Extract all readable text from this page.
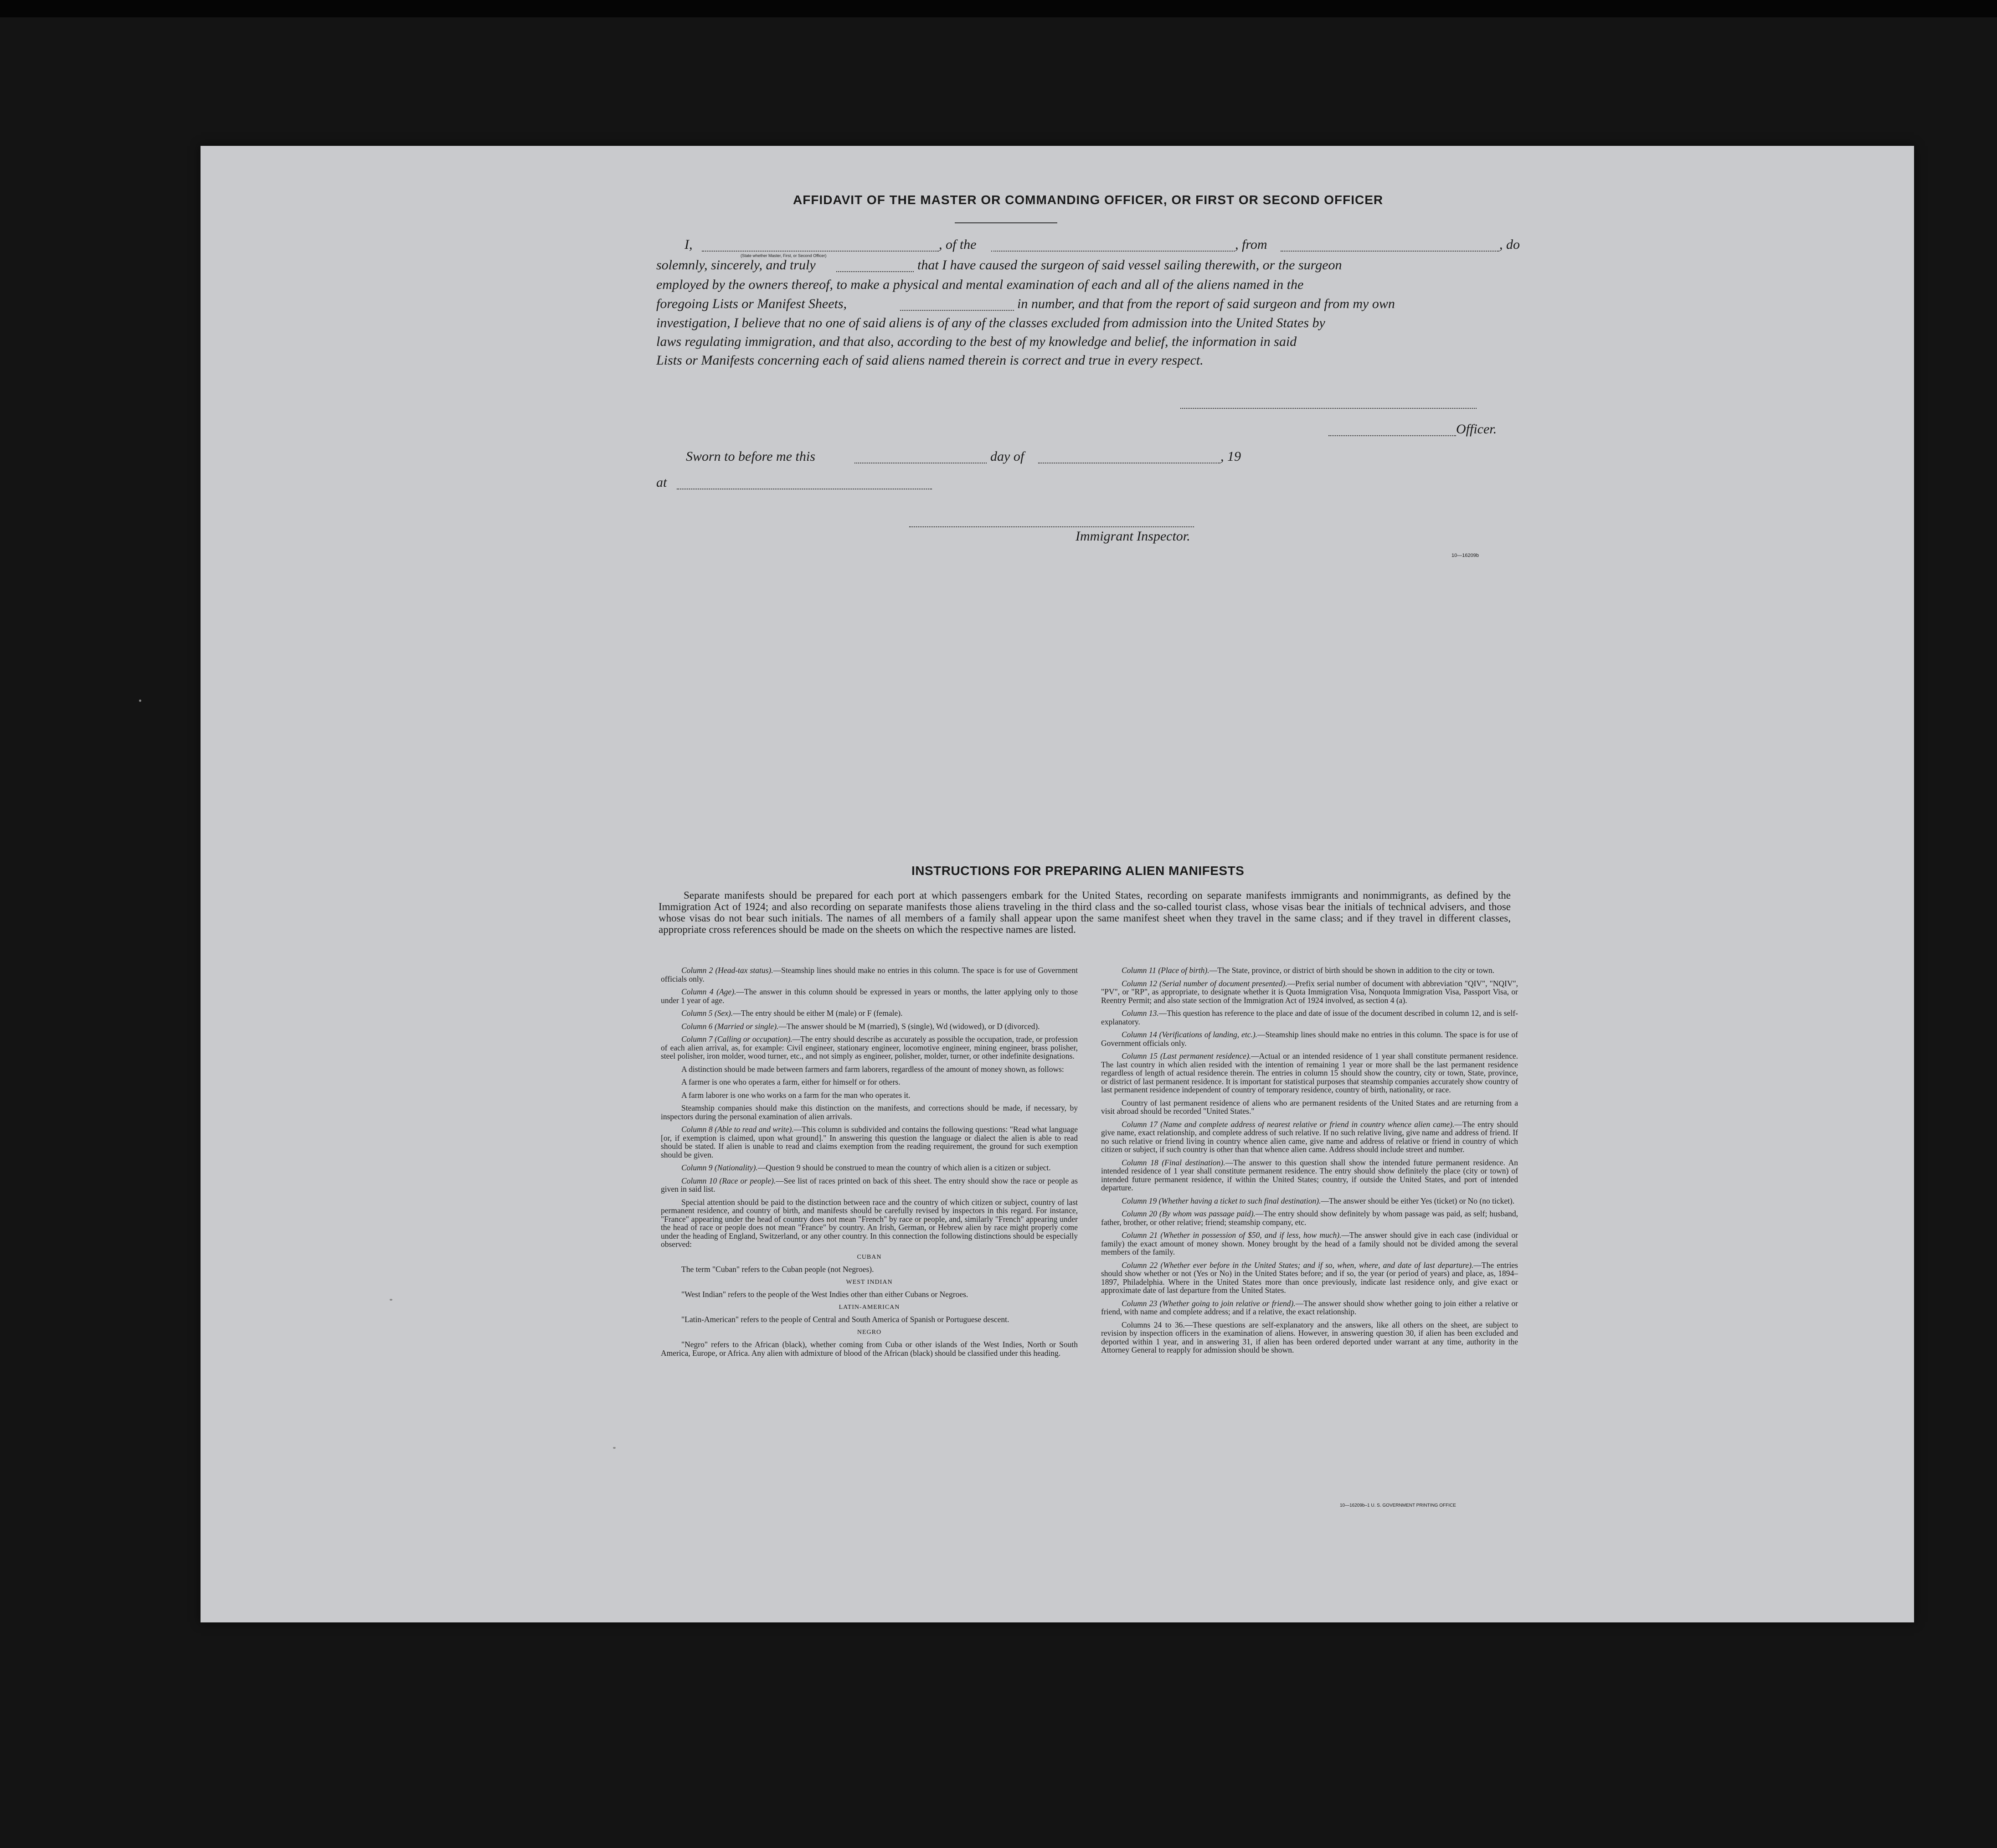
AFFIDAVIT OF THE MASTER OR COMMANDING OFFICER, OR FIRST OR SECOND OFFICER
I,
(State whether Master, First, or Second Officer)
, of the	, from	, do
solemnly, sincerely, and truly	that I have caused the surgeon of said vessel sailing therewith, or the surgeon
employed by the owners thereof, to make a physical and mental examination of each and all of the aliens named in the
foregoing Lists or Manifest Sheets,	in number, and that from the report of said surgeon and from my own
investigation, I believe that no one of said aliens is of any of the classes excluded from admission into the United States by
laws regulating immigration, and that also, according to the best of my knowledge and belief, the information in said
Lists or Manifests concerning each of said aliens named therein is correct and true in every respect.
Officer.
Sworn to before me this	day of	, 19
at
Immigrant Inspector.
10—16209b
INSTRUCTIONS FOR PREPARING ALIEN MANIFESTS
Separate manifests should be prepared for each port at which passengers embark for the United States, recording on separate manifests immigrants and nonimmigrants, as defined by the Immigration Act of 1924; and also recording on separate manifests those aliens traveling in the third class and the so-called tourist class, whose visas bear the initials of technical advisers, and those whose visas do not bear such initials. The names of all members of a family shall appear upon the same manifest sheet when they travel in the same class; and if they travel in different classes, appropriate cross references should be made on the sheets on which the respective names are listed.

Column 2 (Head-tax status).—Steamship lines should make no entries in this column. The space is for use of Government officials only.

Column 4 (Age).—The answer in this column should be expressed in years or months, the latter applying only to those under 1 year of age.

Column 5 (Sex).—The entry should be either M (male) or F (female).

Column 6 (Married or single).—The answer should be M (married), S (single), Wd (widowed), or D (divorced).

Column 7 (Calling or occupation).—The entry should describe as accurately as possible the occupation, trade, or profession of each alien arrival, as, for example: Civil engineer, stationary engineer, locomotive engineer, mining engineer, brass polisher, steel polisher, iron molder, wood turner, etc., and not simply as engineer, polisher, molder, turner, or other indefinite designations.

A distinction should be made between farmers and farm laborers, regardless of the amount of money shown, as follows:

A farmer is one who operates a farm, either for himself or for others.

A farm laborer is one who works on a farm for the man who operates it.

Steamship companies should make this distinction on the manifests, and corrections should be made, if necessary, by inspectors during the personal examination of alien arrivals.

Column 8 (Able to read and write).—This column is subdivided and contains the following questions: "Read what language [or, if exemption is claimed, upon what ground]." In answering this question the language or dialect the alien is able to read should be stated. If alien is unable to read and claims exemption from the reading requirement, the ground for such exemption should be given.

Column 9 (Nationality).—Question 9 should be construed to mean the country of which alien is a citizen or subject.

Column 10 (Race or people).—See list of races printed on back of this sheet. The entry should show the race or people as given in said list.

Special attention should be paid to the distinction between race and the country of which citizen or subject, country of last permanent residence, and country of birth, and manifests should be carefully revised by inspectors in this regard. For instance, "France" appearing under the head of country does not mean "French" by race or people, and, similarly "French" appearing under the head of race or people does not mean "France" by country. An Irish, German, or Hebrew alien by race might properly come under the heading of England, Switzerland, or any other country. In this connection the following distinctions should be especially observed:

CUBAN

The term "Cuban" refers to the Cuban people (not Negroes).

WEST INDIAN

"West Indian" refers to the people of the West Indies other than either Cubans or Negroes.

LATIN-AMERICAN

"Latin-American" refers to the people of Central and South America of Spanish or Portuguese descent.

NEGRO

"Negro" refers to the African (black), whether coming from Cuba or other islands of the West Indies, North or South America, Europe, or Africa. Any alien with admixture of blood of the African (black) should be classified under this heading.

Column 11 (Place of birth).—The State, province, or district of birth should be shown in addition to the city or town.

Column 12 (Serial number of document presented).—Prefix serial number of document with abbreviation "QIV", "NQIV", "PV", or "RP", as appropriate, to designate whether it is Quota Immigration Visa, Nonquota Immigration Visa, Passport Visa, or Reentry Permit; and also state section of the Immigration Act of 1924 involved, as section 4 (a).

Column 13.—This question has reference to the place and date of issue of the document described in column 12, and is self-explanatory.

Column 14 (Verifications of landing, etc.).—Steamship lines should make no entries in this column. The space is for use of Government officials only.

Column 15 (Last permanent residence).—Actual or an intended residence of 1 year shall constitute permanent residence. The last country in which alien resided with the intention of remaining 1 year or more shall be the last permanent residence regardless of length of actual residence therein. The entries in column 15 should show the country, city or town, State, province, or district of last permanent residence. It is important for statistical purposes that steamship companies accurately show country of last permanent residence independent of country of temporary residence, country of birth, nationality, or race.

Country of last permanent residence of aliens who are permanent residents of the United States and are returning from a visit abroad should be recorded "United States."

Column 17 (Name and complete address of nearest relative or friend in country whence alien came).—The entry should give name, exact relationship, and complete address of such relative. If no such relative living, give name and address of friend. If no such relative or friend living in country whence alien came, give name and address of relative or friend in country of which citizen or subject, if such country is other than that whence alien came. Address should include street and number.

Column 18 (Final destination).—The answer to this question shall show the intended future permanent residence. An intended residence of 1 year shall constitute permanent residence. The entry should show definitely the place (city or town) of intended future permanent residence, if within the United States; country, if outside the United States, and port of intended departure.

Column 19 (Whether having a ticket to such final destination).—The answer should be either Yes (ticket) or No (no ticket).

Column 20 (By whom was passage paid).—The entry should show definitely by whom passage was paid, as self; husband, father, brother, or other relative; friend; steamship company, etc.

Column 21 (Whether in possession of $50, and if less, how much).—The answer should give in each case (individual or family) the exact amount of money shown. Money brought by the head of a family should not be divided among the several members of the family.

Column 22 (Whether ever before in the United States; and if so, when, where, and date of last departure).—The entries should show whether or not (Yes or No) in the United States before; and if so, the year (or period of years) and place, as, 1894–1897, Philadelphia. Where in the United States more than once previously, indicate last residence only, and give exact or approximate date of last departure from the United States.

Column 23 (Whether going to join relative or friend).—The answer should show whether going to join either a relative or friend, with name and complete address; and if a relative, the exact relationship.

Columns 24 to 36.—These questions are self-explanatory and the answers, like all others on the sheet, are subject to revision by inspection officers in the examination of aliens. However, in answering question 30, if alien has been excluded and deported within 1 year, and in answering 31, if alien has been ordered deported under warrant at any time, authority in the Attorney General to reapply for admission should be shown.

10—16209b–1 U. S. GOVERNMENT PRINTING OFFICE
